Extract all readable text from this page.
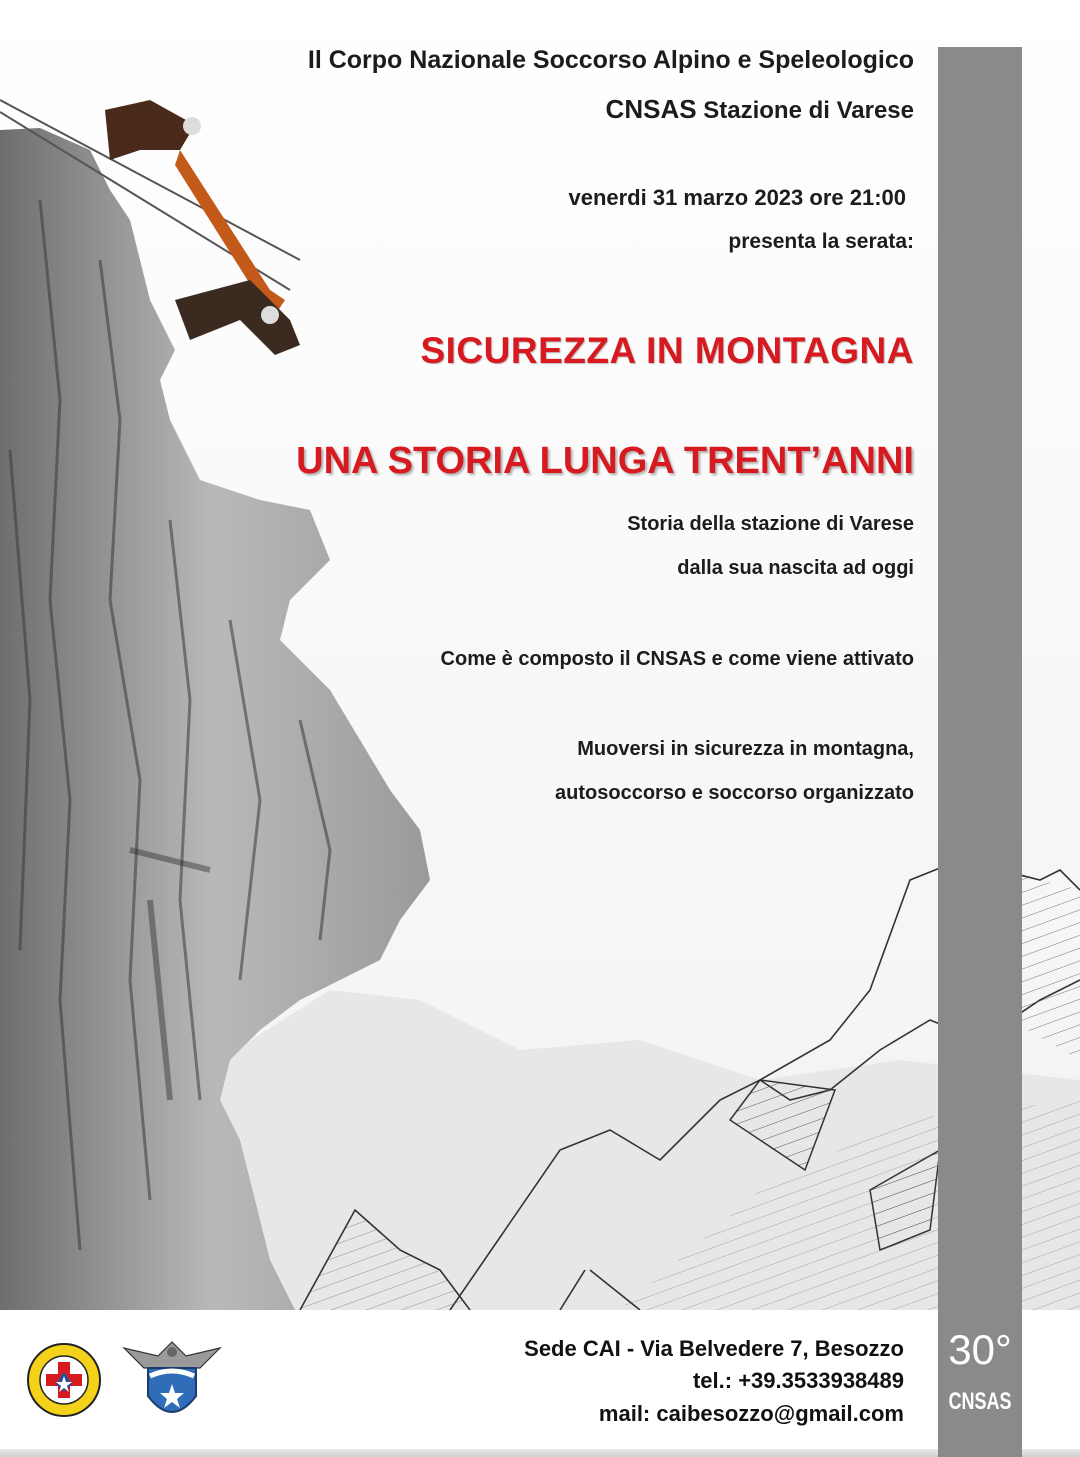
Il Corpo Nazionale Soccorso Alpino e Speleologico
CNSAS Stazione di Varese
venerdi 31 marzo 2023 ore 21:00
presenta la serata:
SICUREZZA IN MONTAGNA
UNA STORIA LUNGA TRENT’ANNI
Storia della stazione di Varese
dalla sua nascita ad oggi
Come è composto il CNSAS e come viene attivato
Muoversi in sicurezza in montagna,
autosoccorso e soccorso organizzato
Sede CAI - Via Belvedere 7, Besozzo
tel.: +39.3533938489
mail: caibesozzo@gmail.com
30°
CNSAS
